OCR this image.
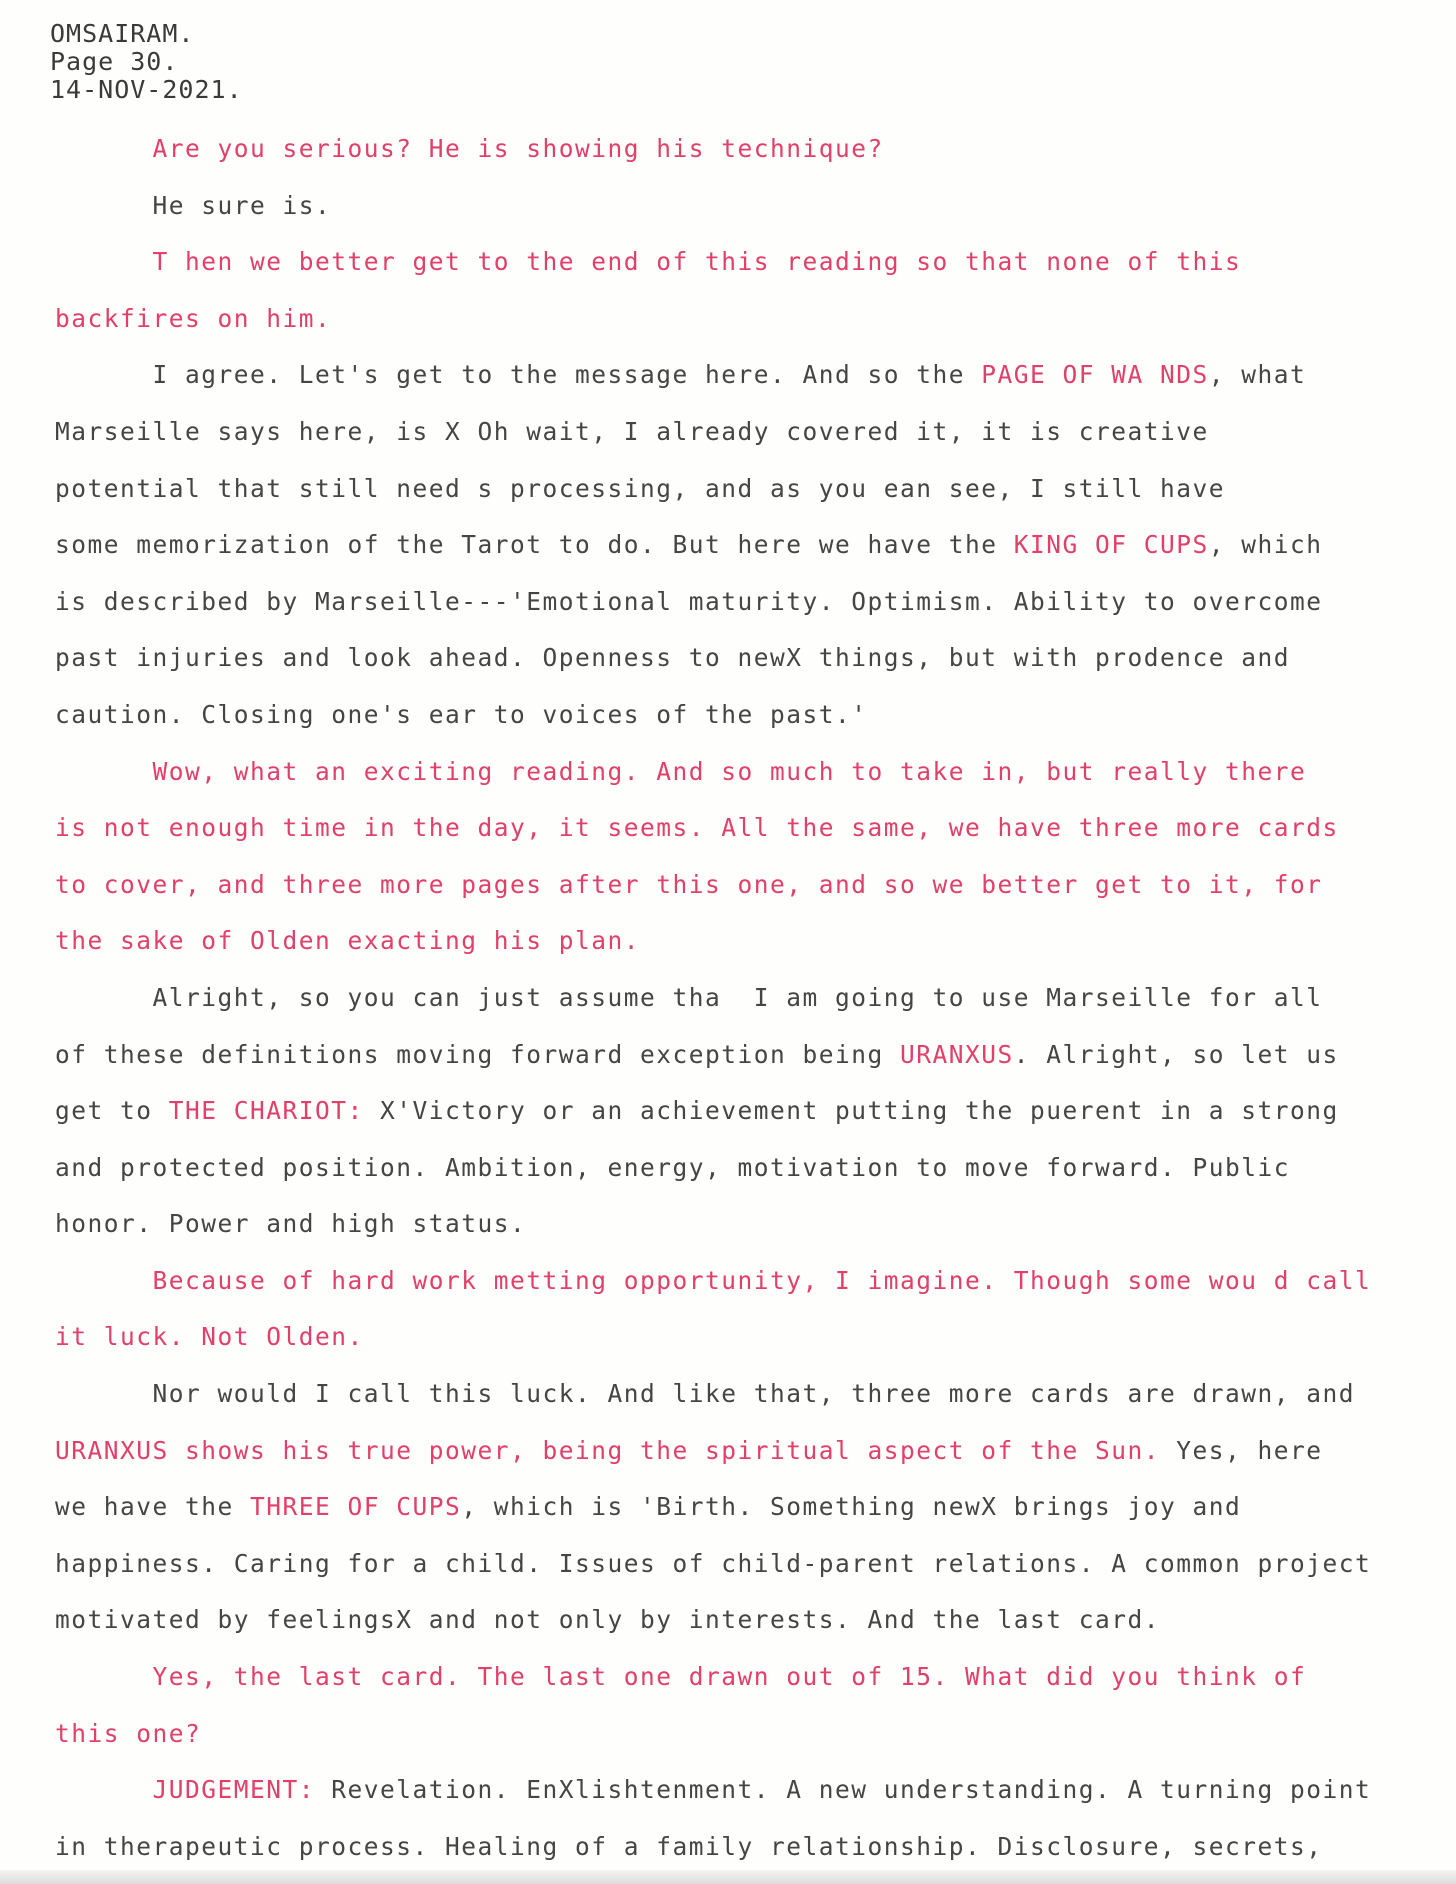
OMSAIRAM.
Page 30.
14-NOV-2021.
Are you serious? He is showing his technique?
He sure is.
T hen we better get to the end of this reading so that none of this
backfires on him.
I agree. Let's get to the message here. And so the PAGE OF WA NDS, what
Marseille says here, is X Oh wait, I already covered it, it is creative
potential that still need s processing, and as you ean see, I still have
some memorization of the Tarot to do. But here we have the KING OF CUPS, which
is described by Marseille---'Emotional maturity. Optimism. Ability to overcome
past injuries and look ahead. Openness to newX things, but with prodence and
caution. Closing one's ear to voices of the past.'
Wow, what an exciting reading. And so much to take in, but really there
is not enough time in the day, it seems. All the same, we have three more cards
to cover, and three more pages after this one, and so we better get to it, for
the sake of Olden exacting his plan.
Alright, so you can just assume tha  I am going to use Marseille for all
of these definitions moving forward exception being URANXUS. Alright, so let us
get to THE CHARIOT: X'Victory or an achievement putting the puerent in a strong
and protected position. Ambition, energy, motivation to move forward. Public
honor. Power and high status.
Because of hard work metting opportunity, I imagine. Though some wou d call
it luck. Not Olden.
Nor would I call this luck. And like that, three more cards are drawn, and
URANXUS shows his true power, being the spiritual aspect of the Sun. Yes, here
we have the THREE OF CUPS, which is 'Birth. Something newX brings joy and
happiness. Caring for a child. Issues of child-parent relations. A common project
motivated by feelingsX and not only by interests. And the last card.
Yes, the last card. The last one drawn out of 15. What did you think of
this one?
JUDGEMENT: Revelation. EnXlishtenment. A new understanding. A turning point
in therapeutic process. Healing of a family relationship. Disclosure, secrets,
